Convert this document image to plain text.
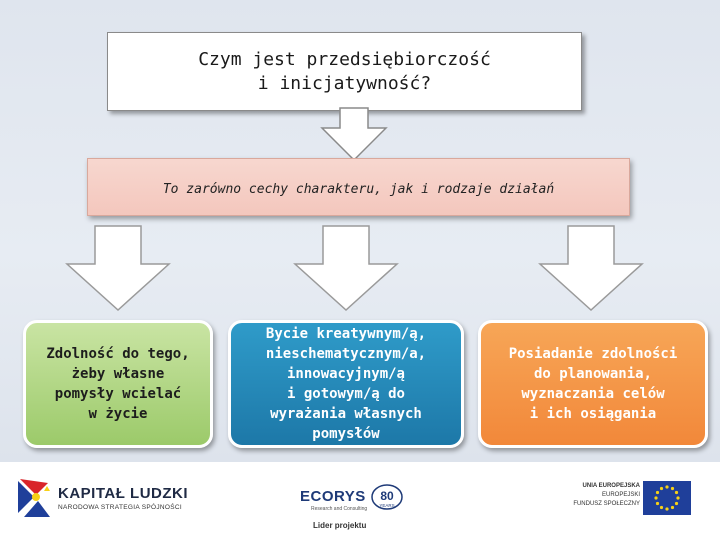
Czym jest przedsiębiorczość
i inicjatywność?
To zarówno cechy charakteru, jak i rodzaje działań
Zdolność do tego,
żeby własne
pomysły wcielać
w życie
Bycie kreatywnym/ą,
nieschematycznym/a,
innowacyjnym/ą
i gotowym/ą do
wyrażania własnych
pomysłów
Posiadanie zdolności
do planowania,
wyznaczania celów
i ich osiągania
KAPITAŁ LUDZKI
NARODOWA STRATEGIA SPÓJNOŚCI
ECORYS
Research and Consulting
80
YEARS
Lider projektu
UNIA EUROPEJSKA
EUROPEJSKI
FUNDUSZ SPOŁECZNY
